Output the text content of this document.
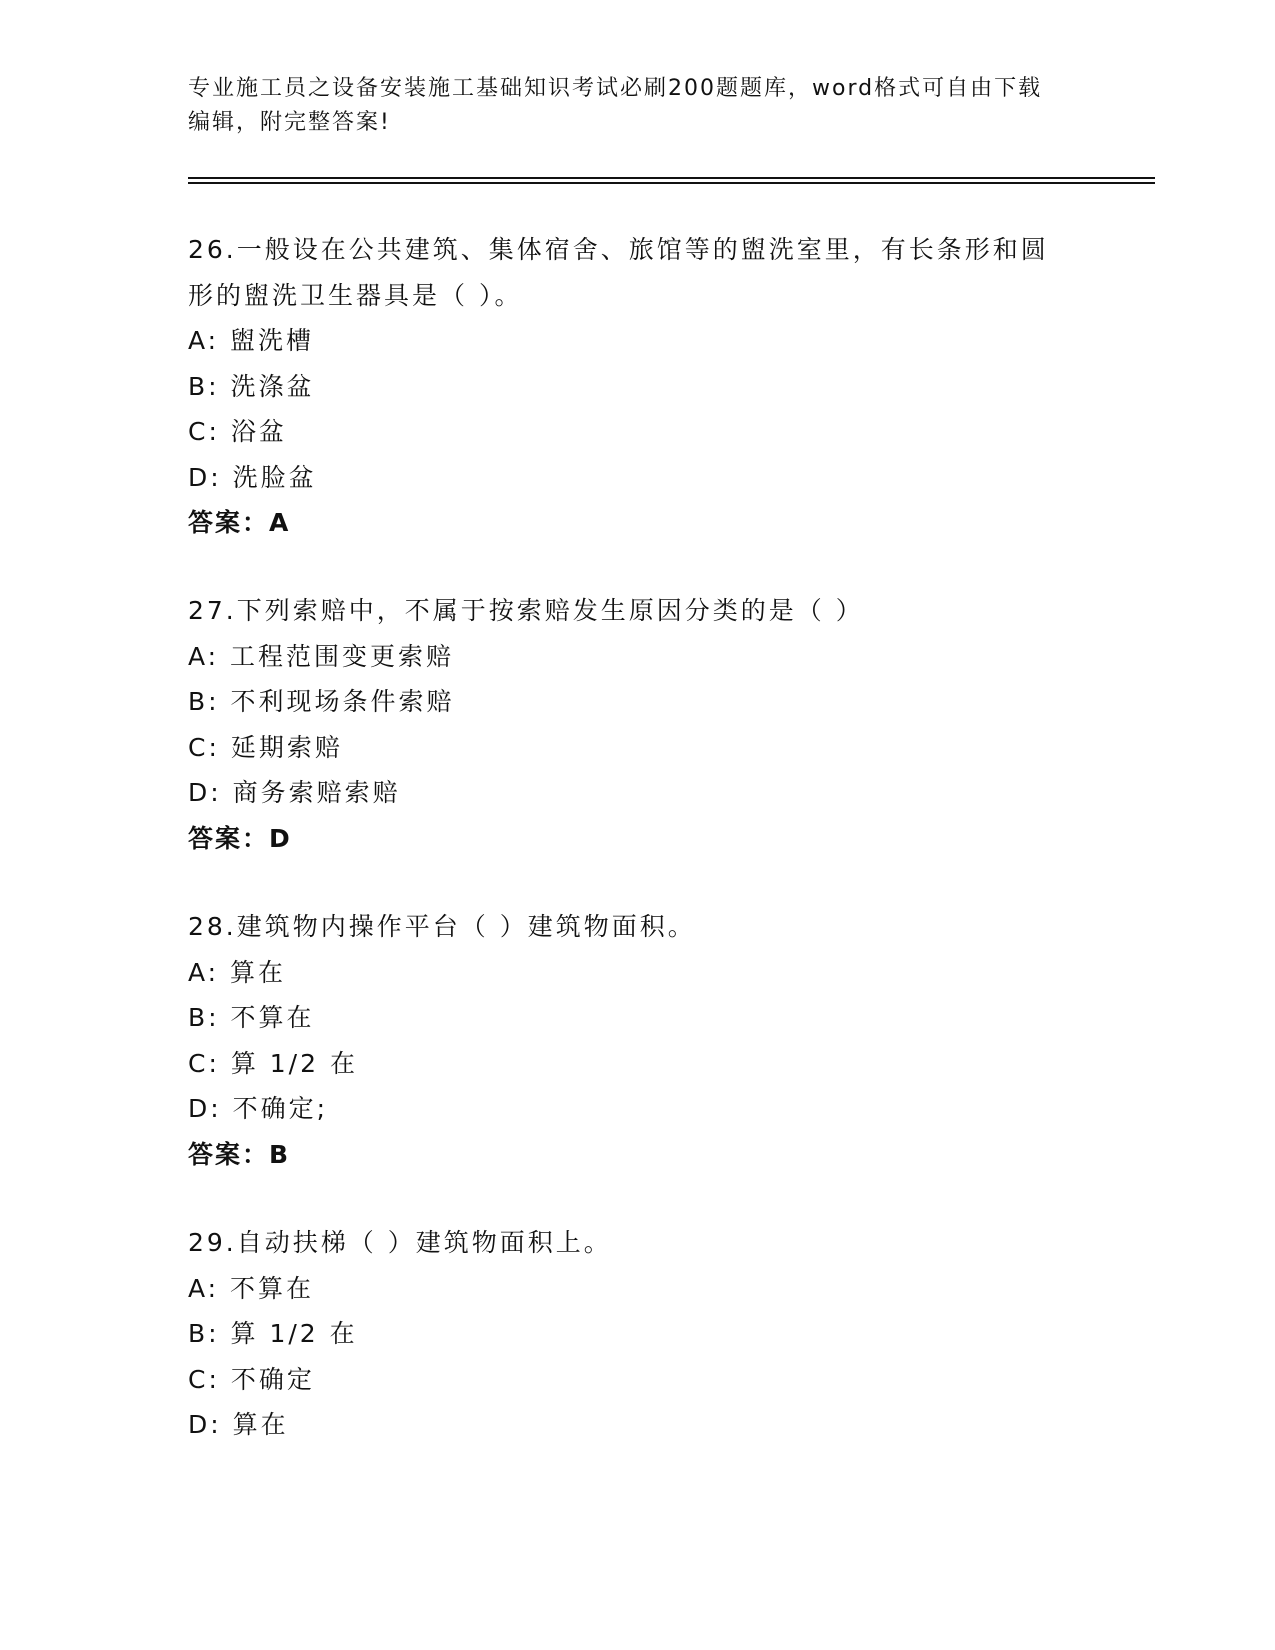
专业施工员之设备安装施工基础知识考试必刷200题题库，word格式可自由下载
编辑，附完整答案!
26.一般设在公共建筑、集体宿舍、旅馆等的盥洗室里，有长条形和圆
形的盥洗卫生器具是（ ）。
A: 盥洗槽
B: 洗涤盆
C: 浴盆
D: 洗脸盆
答案：A
27.下列索赔中，不属于按索赔发生原因分类的是（ ）
A: 工程范围变更索赔
B: 不利现场条件索赔
C: 延期索赔
D: 商务索赔索赔
答案：D
28.建筑物内操作平台（ ）建筑物面积。
A: 算在
B: 不算在
C: 算 1/2 在
D: 不确定;
答案：B
29.自动扶梯（ ）建筑物面积上。
A: 不算在
B: 算 1/2 在
C: 不确定
D: 算在
